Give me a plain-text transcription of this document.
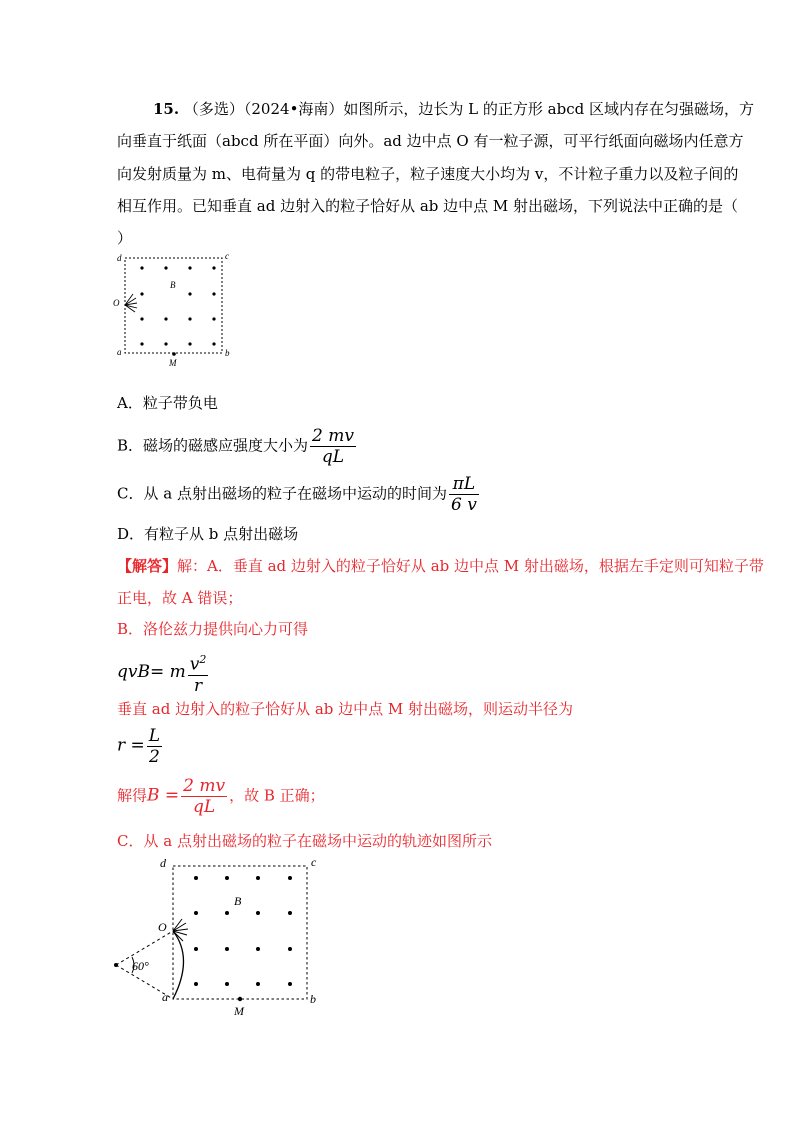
15. （多选）（2024•海南）如图所示，边长为 L 的正方形 abcd 区域内存在匀强磁场，方
向垂直于纸面（abcd 所在平面）向外。ad 边中点 O 有一粒子源，可平行纸面向磁场内任意方
向发射质量为 m、电荷量为 q 的带电粒子，粒子速度大小均为 v，不计粒子重力以及粒子间的
相互作用。已知垂直 ad 边射入的粒子恰好从 ab 边中点 M 射出磁场，下列说法中正确的是（
）
d	c
a	b
O
B
M
A．粒子带负电
B．磁场的磁感应强度大小为 $\frac{2 mv}{qL}$
C．从 a 点射出磁场的粒子在磁场中运动的时间为 $\frac{\pi L}{6 v}$
D．有粒子从 b 点射出磁场
【解答】解：A．垂直 ad 边射入的粒子恰好从 ab 边中点 M 射出磁场，根据左手定则可知粒子带
正电，故 A 错误；
B．洛伦兹力提供向心力可得
qvB= m $\frac{v^2}{r}$
垂直 ad 边射入的粒子恰好从 ab 边中点 M 射出磁场，则运动半径为
$r = \frac{L}{2}$
解得$B = \frac{2 mv}{qL}$ ，故 B 正确；
C．从 a 点射出磁场的粒子在磁场中运动的轨迹如图所示
d	c
a	b
O
B
M
60°
